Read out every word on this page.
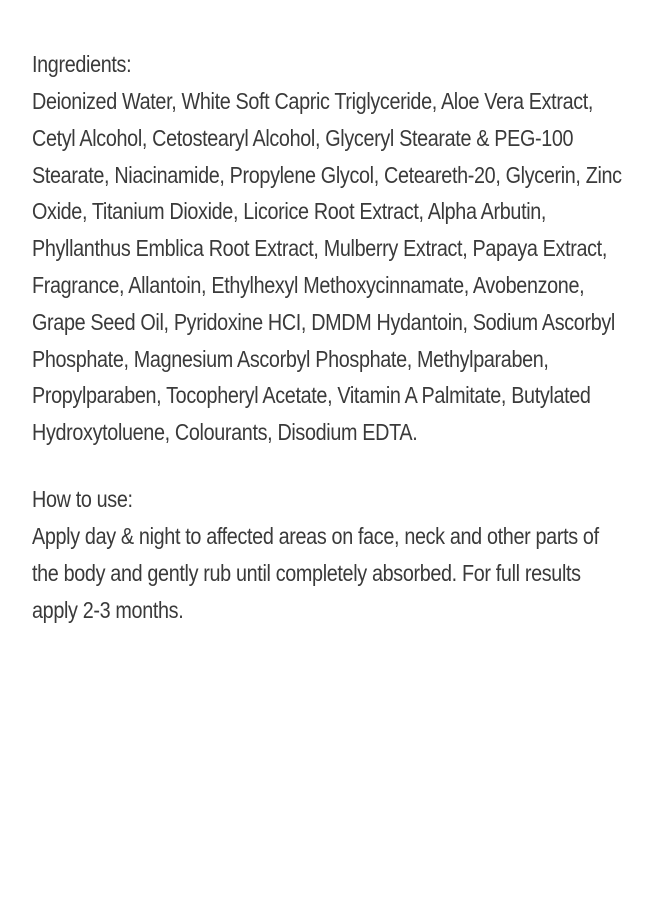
Ingredients:

Deionized Water, White Soft Capric Triglyceride, Aloe Vera Extract,
Cetyl Alcohol, Cetostearyl Alcohol, Glyceryl Stearate & PEG-100
Stearate, Niacinamide, Propylene Glycol, Ceteareth-20, Glycerin, Zinc
Oxide, Titanium Dioxide, Licorice Root Extract, Alpha Arbutin,
Phyllanthus Emblica Root Extract, Mulberry Extract, Papaya Extract,
Fragrance, Allantoin, Ethylhexyl Methoxycinnamate, Avobenzone,
Grape Seed Oil, Pyridoxine HCI, DMDM Hydantoin, Sodium Ascorbyl
Phosphate, Magnesium Ascorbyl Phosphate, Methylparaben,
Propylparaben, Tocopheryl Acetate, Vitamin A Palmitate, Butylated
Hydroxytoluene, Colourants, Disodium EDTA.

How to use:

Apply day & night to affected areas on face, neck and other parts of
the body and gently rub until completely absorbed. For full results
apply 2-3 months.
